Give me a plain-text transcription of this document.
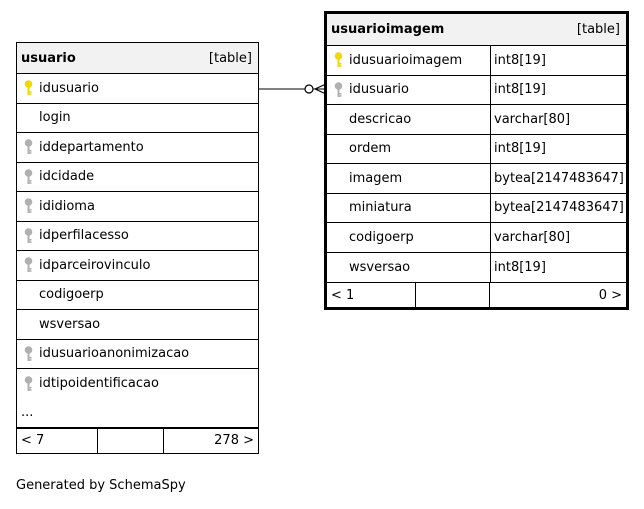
usuario	[table]
idusuario
login
iddepartamento
idcidade
ididioma
idperfilacesso
idparceirovinculo
codigoerp
wsversao
idusuarioanonimizacao
idtipoidentificacao
...
< 7	278 >
usuarioimagem	[table]
idusuarioimagem	int8[19]
idusuario	int8[19]
descricao	varchar[80]
ordem	int8[19]
imagem	bytea[2147483647]
miniatura	bytea[2147483647]
codigoerp	varchar[80]
wsversao	int8[19]
< 1	0 >
Generated by SchemaSpy
